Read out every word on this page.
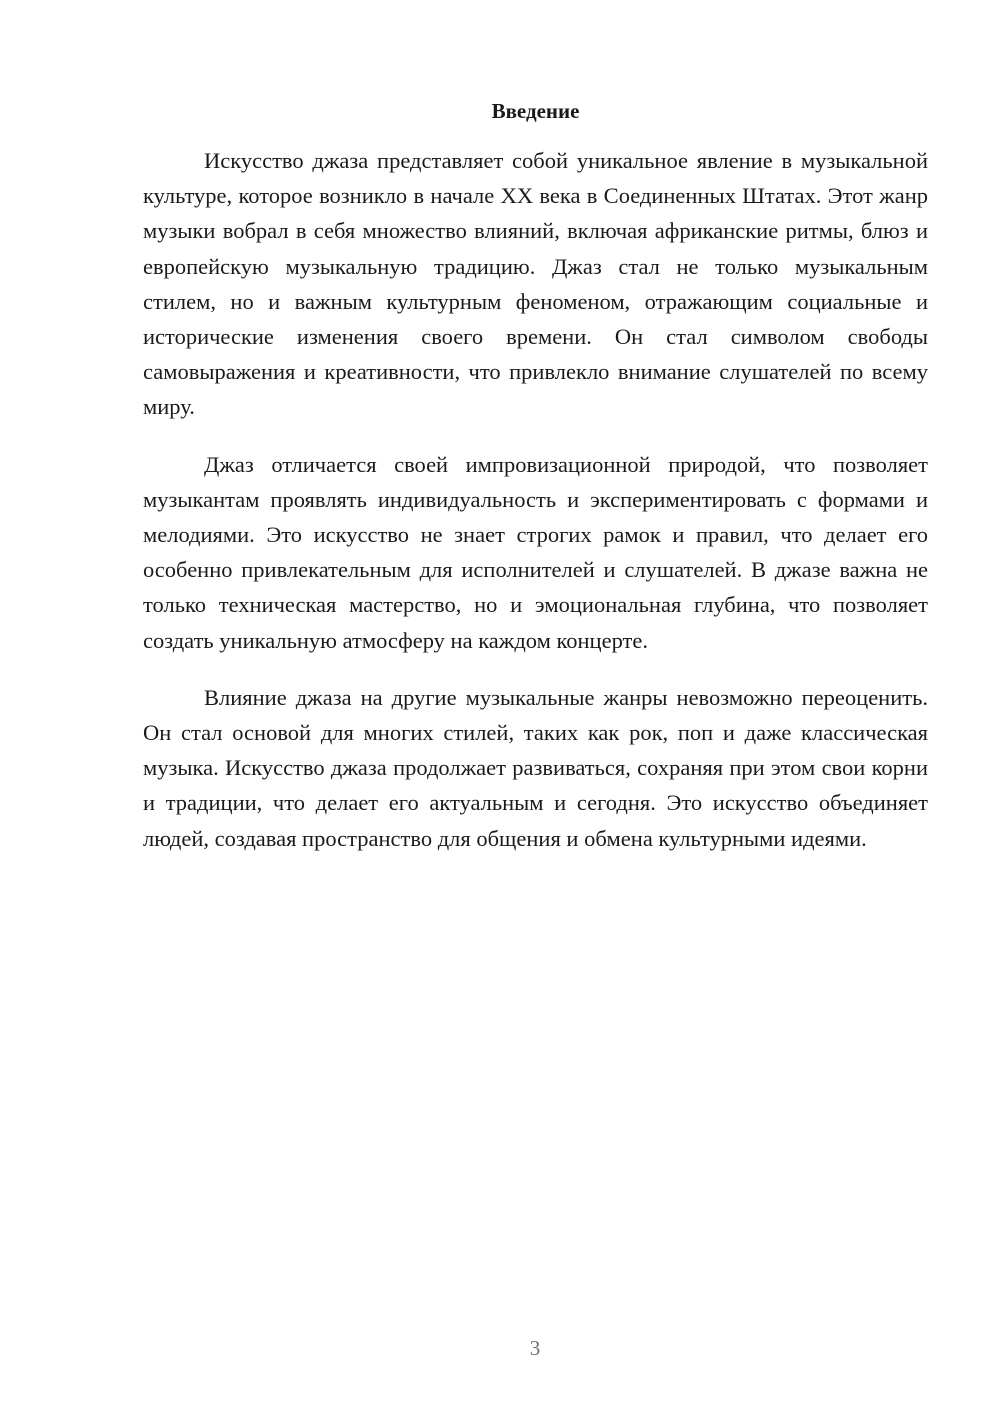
Введение

Искусство джаза представляет собой уникальное явление в музыкальной культуре, которое возникло в начале XX века в Соединенных Штатах. Этот жанр музыки вобрал в себя множество влияний, включая африканские ритмы, блюз и европейскую музыкальную традицию. Джаз стал не только музыкальным стилем, но и важным культурным феноменом, отражающим социальные и исторические изменения своего времени. Он стал символом свободы самовыражения и креативности, что привлекло внимание слушателей по всему миру.

Джаз отличается своей импровизационной природой, что позволяет музыкантам проявлять индивидуальность и экспериментировать с формами и мелодиями. Это искусство не знает строгих рамок и правил, что делает его особенно привлекательным для исполнителей и слушателей. В джазе важна не только техническая мастерство, но и эмоциональная глубина, что позволяет создать уникальную атмосферу на каждом концерте.

Влияние джаза на другие музыкальные жанры невозможно переоценить. Он стал основой для многих стилей, таких как рок, поп и даже классическая музыка. Искусство джаза продолжает развиваться, сохраняя при этом свои корни и традиции, что делает его актуальным и сегодня. Это искусство объединяет людей, создавая пространство для общения и обмена культурными идеями.

3
